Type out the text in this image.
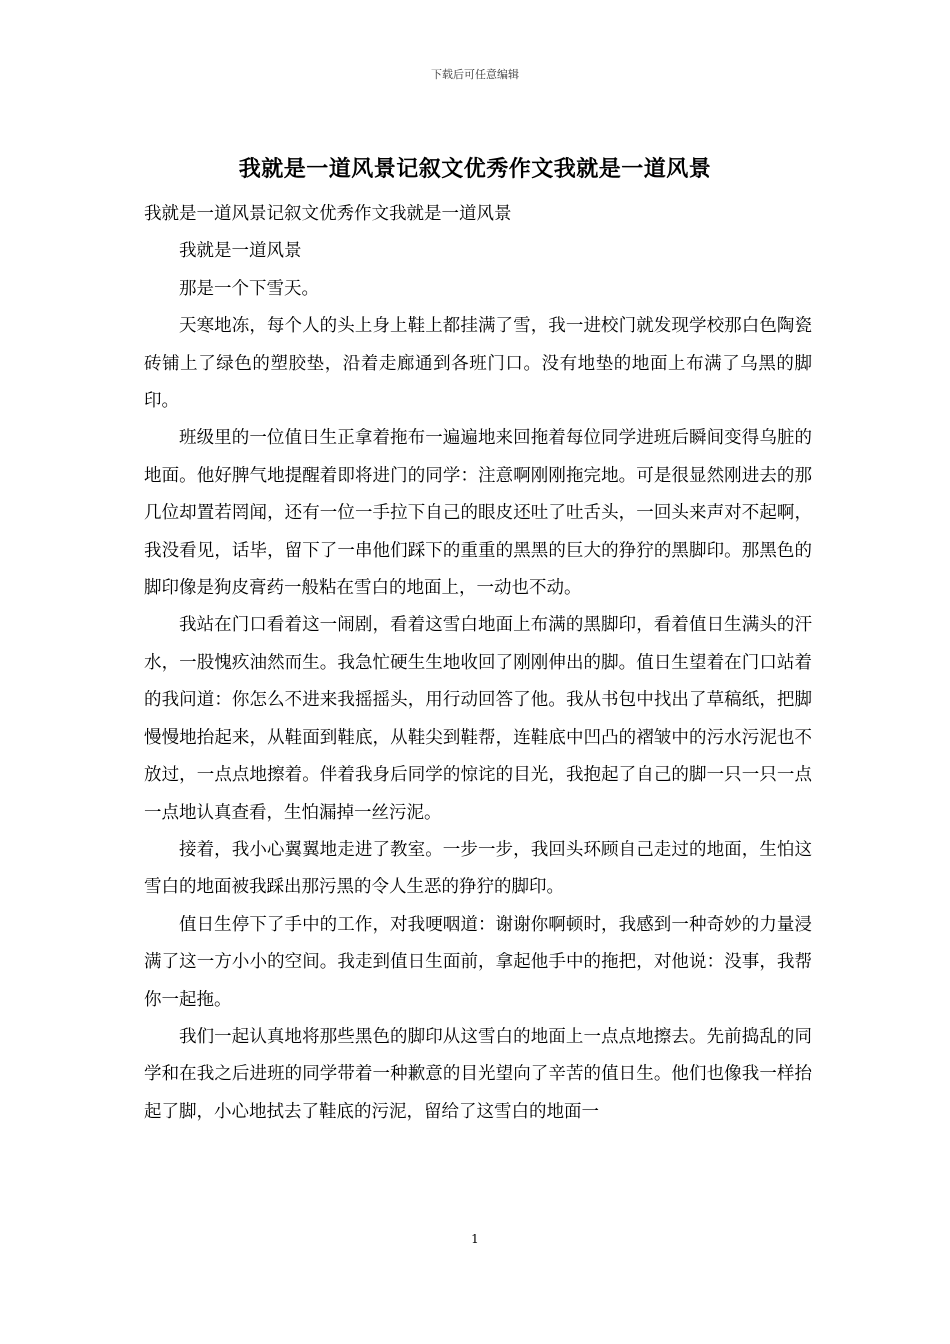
下载后可任意编辑
我就是一道风景记叙文优秀作文我就是一道风景

我就是一道风景记叙文优秀作文我就是一道风景

我就是一道风景

那是一个下雪天。

天寒地冻，每个人的头上身上鞋上都挂满了雪，我一进校门就发现学校那白色陶瓷砖铺上了绿色的塑胶垫，沿着走廊通到各班门口。没有地垫的地面上布满了乌黑的脚印。

班级里的一位值日生正拿着拖布一遍遍地来回拖着每位同学进班后瞬间变得乌脏的地面。他好脾气地提醒着即将进门的同学：注意啊刚刚拖完地。可是很显然刚进去的那几位却置若罔闻，还有一位一手拉下自己的眼皮还吐了吐舌头，一回头来声对不起啊，我没看见，话毕，留下了一串他们踩下的重重的黑黑的巨大的狰狞的黑脚印。那黑色的脚印像是狗皮膏药一般粘在雪白的地面上，一动也不动。

我站在门口看着这一闹剧，看着这雪白地面上布满的黑脚印，看着值日生满头的汗水，一股愧疚油然而生。我急忙硬生生地收回了刚刚伸出的脚。值日生望着在门口站着的我问道：你怎么不进来我摇摇头，用行动回答了他。我从书包中找出了草稿纸，把脚慢慢地抬起来，从鞋面到鞋底，从鞋尖到鞋帮，连鞋底中凹凸的褶皱中的污水污泥也不放过，一点点地擦着。伴着我身后同学的惊诧的目光，我抱起了自己的脚一只一只一点一点地认真查看，生怕漏掉一丝污泥。

接着，我小心翼翼地走进了教室。一步一步，我回头环顾自己走过的地面，生怕这雪白的地面被我踩出那污黑的令人生恶的狰狞的脚印。

值日生停下了手中的工作，对我哽咽道：谢谢你啊顿时，我感到一种奇妙的力量浸满了这一方小小的空间。我走到值日生面前，拿起他手中的拖把，对他说：没事，我帮你一起拖。

我们一起认真地将那些黑色的脚印从这雪白的地面上一点点地擦去。先前捣乱的同学和在我之后进班的同学带着一种歉意的目光望向了辛苦的值日生。他们也像我一样抬起了脚，小心地拭去了鞋底的污泥，留给了这雪白的地面一

1
